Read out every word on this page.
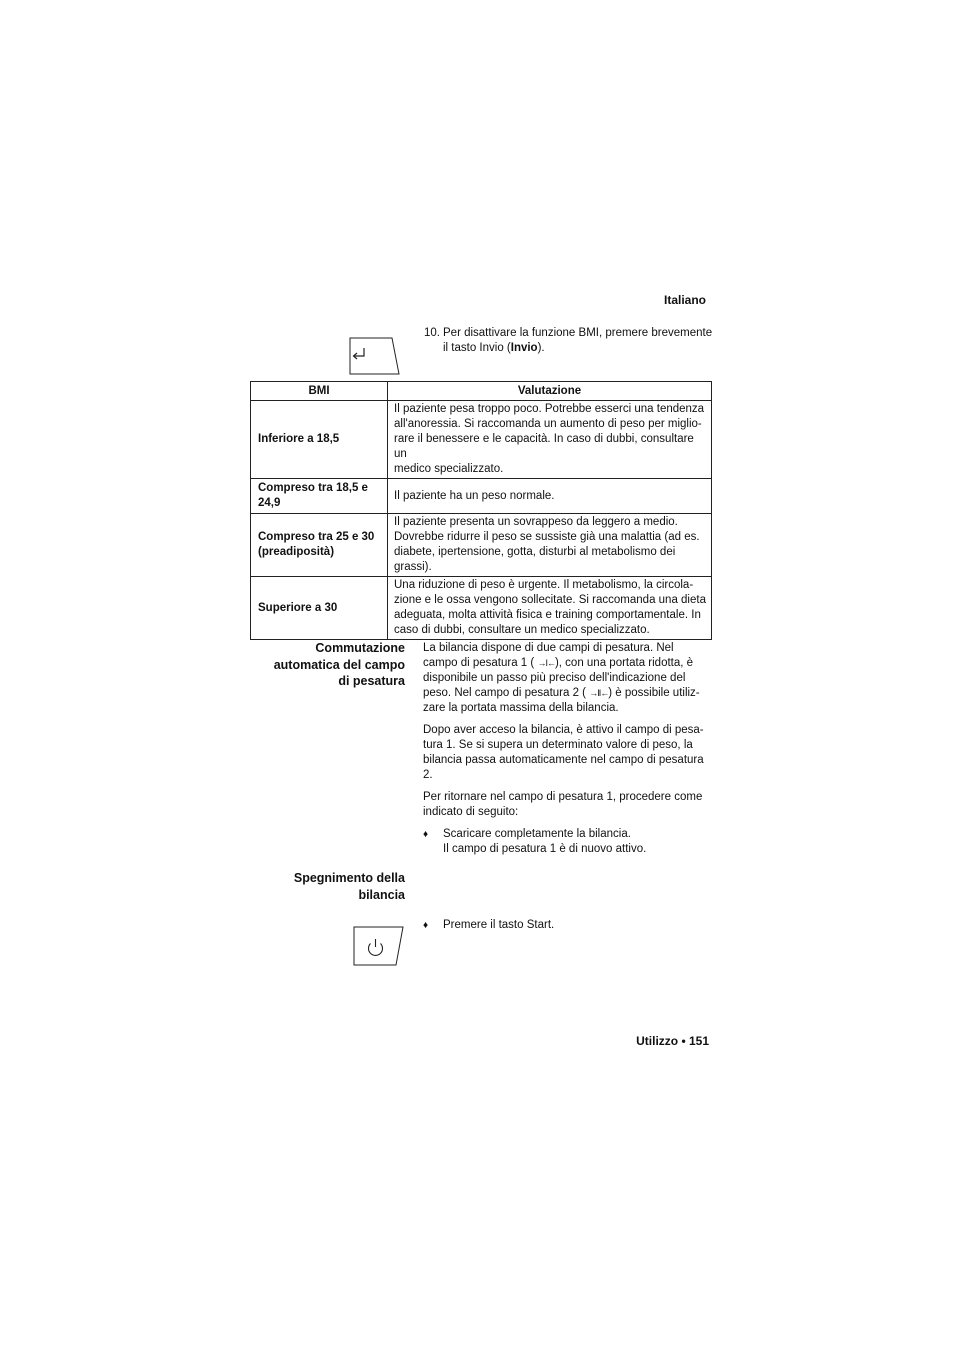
Italiano
10. Per disattivare la funzione BMI, premere brevemente il tasto Invio (Invio).
BMI	Valutazione
Inferiore a 18,5	Il paziente pesa troppo poco. Potrebbe esserci una tendenza
all'anoressia. Si raccomanda un aumento di peso per miglio-
rare il benessere e le capacità. In caso di dubbi, consultare un
medico specializzato.

Compreso tra 18,5 e 24,9	Il paziente ha un peso normale.

Compreso tra 25 e 30 (preadiposità)	Il paziente presenta un sovrappeso da leggero a medio.
Dovrebbe ridurre il peso se sussiste già una malattia (ad es.
diabete, ipertensione, gotta, disturbi al metabolismo dei
grassi).

Superiore a 30	Una riduzione di peso è urgente. Il metabolismo, la circola-
zione e le ossa vengono sollecitate. Si raccomanda una dieta
adeguata, molta attività fisica e training comportamentale. In
caso di dubbi, consultare un medico specializzato.
Commutazione
automatica del campo
di pesatura

La bilancia dispone di due campi di pesatura. Nel
campo di pesatura 1 ( →I←), con una portata ridotta, è
disponibile un passo più preciso dell'indicazione del
peso. Nel campo di pesatura 2 ( →II←) è possibile utiliz-
zare la portata massima della bilancia.

Dopo aver acceso la bilancia, è attivo il campo di pesa-
tura 1. Se si supera un determinato valore di peso, la
bilancia passa automaticamente nel campo di pesatura
2.

Per ritornare nel campo di pesatura 1, procedere come
indicato di seguito:

♦ Scaricare completamente la bilancia.
Il campo di pesatura 1 è di nuovo attivo.
Spegnimento della
bilancia
♦ Premere il tasto Start.
Utilizzo • 151
